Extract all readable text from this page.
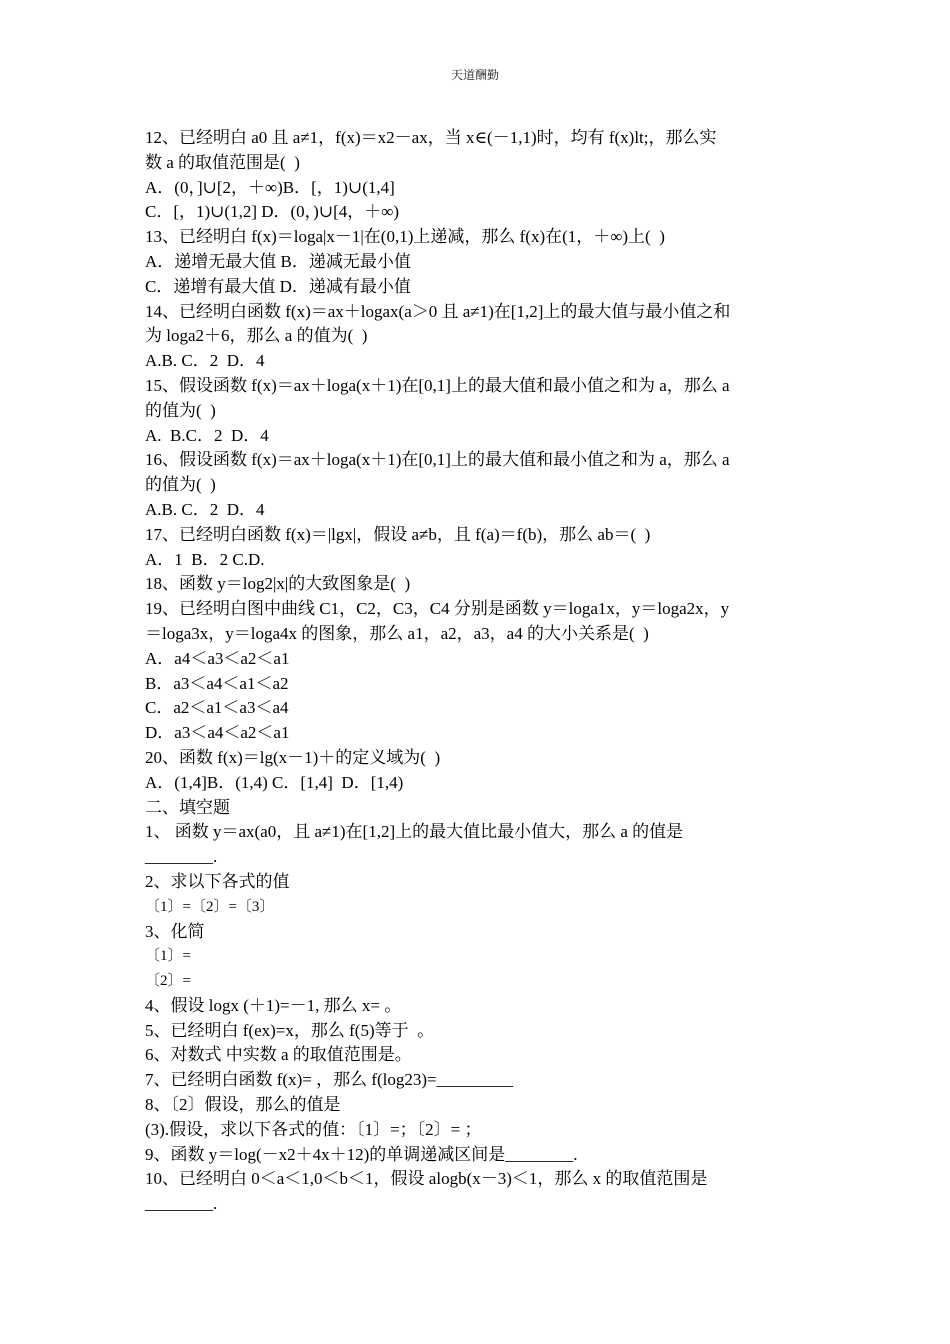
天道酬勤
12、已经明白 a0 且 a≠1，f(x)＝x2－ax，当 x∈(－1,1)时，均有 f(x)lt;，那么实
数 a 的取值范围是(  )
A．(0，]∪[2，＋∞)B．[，1)∪(1,4]
C．[，1)∪(1,2] D．(0，)∪[4，＋∞)
13、已经明白 f(x)＝loga|x－1|在(0,1)上递减，那么 f(x)在(1，＋∞)上(  )
A．递增无最大值 B．递减无最小值
C．递增有最大值 D．递减有最小值
14、已经明白函数 f(x)＝ax＋logax(a＞0 且 a≠1)在[1,2]上的最大值与最小值之和
为 loga2＋6，那么 a 的值为(  )
A.B. C．2  D．4
15、假设函数 f(x)＝ax＋loga(x＋1)在[0,1]上的最大值和最小值之和为 a，那么 a
的值为(  )
A.  B.C．2  D．4
16、假设函数 f(x)＝ax＋loga(x＋1)在[0,1]上的最大值和最小值之和为 a，那么 a
的值为(  )
A.B. C．2  D．4
17、已经明白函数 f(x)＝|lgx|，假设 a≠b，且 f(a)＝f(b)，那么 ab＝(  )
A．1  B．2 C.D.
18、函数 y＝log2|x|的大致图象是(  )
19、已经明白图中曲线 C1，C2，C3，C4 分别是函数 y＝loga1x，y＝loga2x，y
＝loga3x，y＝loga4x 的图象，那么 a1，a2，a3，a4 的大小关系是(  )
A．a4＜a3＜a2＜a1
B．a3＜a4＜a1＜a2
C．a2＜a1＜a3＜a4
D．a3＜a4＜a2＜a1
20、函数 f(x)＝lg(x－1)＋的定义域为(  )
A．(1,4]B．(1,4) C．[1,4]  D．[1,4)
二、填空题
1、 函数 y＝ax(a0，且 a≠1)在[1,2]上的最大值比最小值大，那么 a 的值是
________.
2、求以下各式的值
〔1〕=〔2〕=〔3〕
3、化简
〔1〕=
〔2〕=
4、假设 logx (＋1)=－1, 那么 x= 。
5、已经明白 f(ex)=x，那么 f(5)等于  。
6、对数式 中实数 a 的取值范围是。
7、已经明白函数 f(x)= ，那么 f(log23)=_________
8、〔2〕假设，那么的值是
(3).假设，求以下各式的值：〔1〕=；〔2〕= ；
9、函数 y＝log(－x2＋4x＋12)的单调递减区间是________.
10、已经明白 0＜a＜1,0＜b＜1，假设 alogb(x－3)＜1，那么 x 的取值范围是
________.
